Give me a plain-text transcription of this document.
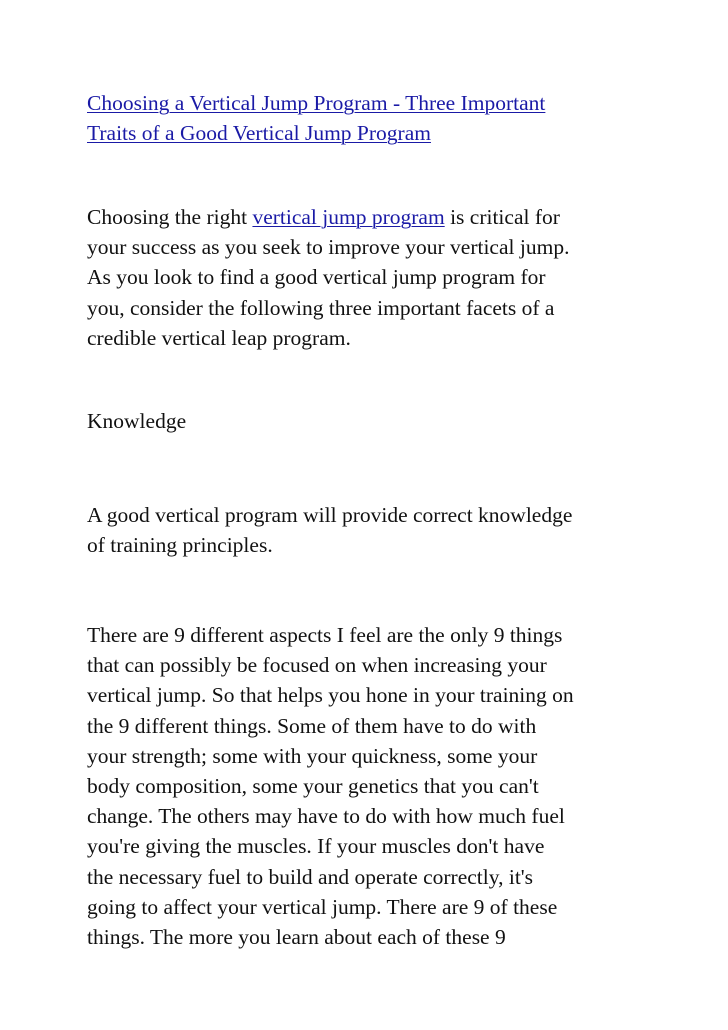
Choosing a Vertical Jump Program - Three Important
Traits of a Good Vertical Jump Program

Choosing the right vertical jump program is critical for
your success as you seek to improve your vertical jump.
As you look to find a good vertical jump program for
you, consider the following three important facets of a
credible vertical leap program.

Knowledge

A good vertical program will provide correct knowledge
of training principles.

There are 9 different aspects I feel are the only 9 things
that can possibly be focused on when increasing your
vertical jump. So that helps you hone in your training on
the 9 different things. Some of them have to do with
your strength; some with your quickness, some your
body composition, some your genetics that you can't
change. The others may have to do with how much fuel
you're giving the muscles. If your muscles don't have
the necessary fuel to build and operate correctly, it's
going to affect your vertical jump. There are 9 of these
things. The more you learn about each of these 9
